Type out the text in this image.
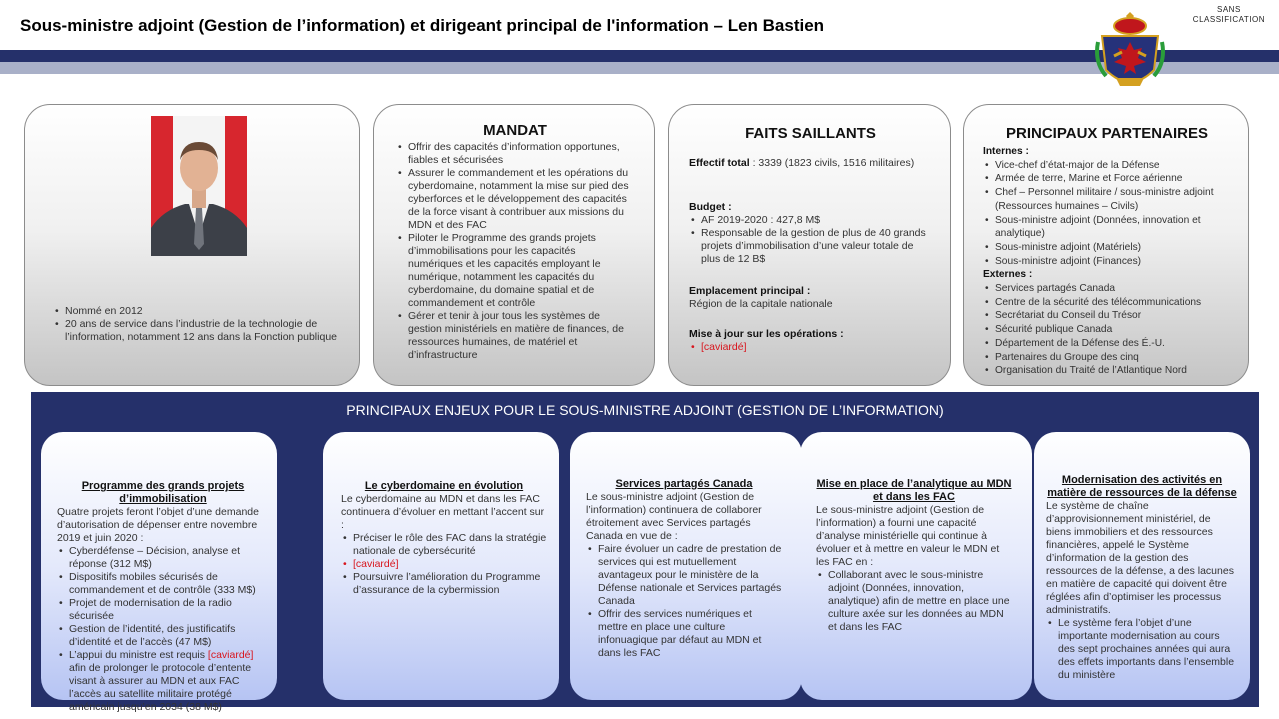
Sous-ministre adjoint (Gestion de l’information) et dirigeant principal de l'information – Len Bastien
SANS
CLASSIFICATION
• Nommé en 2012
• 20 ans de service dans l’industrie de la technologie de l’information, notamment 12 ans dans la Fonction publique
MANDAT
• Offrir des capacités d’information opportunes, fiables et sécurisées
• Assurer le commandement et les opérations du cyberdomaine, notamment la mise sur pied des cyberforces et le développement des capacités de la force visant à contribuer aux missions du MDN et des FAC
• Piloter le Programme des grands projets d’immobilisations pour les capacités numériques et les capacités employant le numérique, notamment les capacités du cyberdomaine, du domaine spatial et de commandement et contrôle
• Gérer et tenir à jour tous les systèmes de gestion ministériels en matière de finances, de ressources humaines, de matériel et d’infrastructure
FAITS SAILLANTS
Effectif total : 3339 (1823 civils, 1516 militaires)
Budget :
• AF 2019-2020 : 427,8 M$
• Responsable de la gestion de plus de 40 grands projets d’immobilisation d’une valeur totale de plus de 12 B$
Emplacement principal :
Région de la capitale nationale
Mise à jour sur les opérations :
• [caviardé]
PRINCIPAUX PARTENAIRES
Internes :
• Vice-chef d’état-major de la Défense
• Armée de terre, Marine et Force aérienne
• Chef – Personnel militaire / sous-ministre adjoint (Ressources humaines – Civils)
• Sous-ministre adjoint (Données, innovation et analytique)
• Sous-ministre adjoint (Matériels)
• Sous-ministre adjoint (Finances)
Externes :
• Services partagés Canada
• Centre de la sécurité des télécommunications
• Secrétariat du Conseil du Trésor
• Sécurité publique Canada
• Département de la Défense des É.-U.
• Partenaires du Groupe des cinq
• Organisation du Traité de l’Atlantique Nord
PRINCIPAUX ENJEUX POUR LE SOUS-MINISTRE ADJOINT (GESTION DE L’INFORMATION)
Programme des grands projets d’immobilisation
Quatre projets feront l’objet d’une demande d’autorisation de dépenser entre novembre 2019 et juin 2020 :
• Cyberdéfense – Décision, analyse et réponse (312 M$)
• Dispositifs mobiles sécurisés de commandement et de contrôle (333 M$)
• Projet de modernisation de la radio sécurisée
• Gestion de l’identité, des justificatifs d’identité et de l’accès (47 M$)
• L’appui du ministre est requis [caviardé] afin de prolonger le protocole d’entente visant à assurer au MDN et aux FAC l’accès au satellite militaire protégé américain jusqu’en 2034 (38 M$)
Le cyberdomaine en évolution
Le cyberdomaine au MDN et dans les FAC continuera d’évoluer en mettant l’accent sur :
• Préciser le rôle des FAC dans la stratégie nationale de cybersécurité
• [caviardé]
• Poursuivre l’amélioration du Programme d’assurance de la cybermission
Services partagés Canada
Le sous-ministre adjoint (Gestion de l’information) continuera de collaborer étroitement avec Services partagés Canada en vue de :
• Faire évoluer un cadre de prestation de services qui est mutuellement avantageux pour le ministère de la Défense nationale et Services partagés Canada
• Offrir des services numériques et mettre en place une culture infonuagique par défaut au MDN et dans les FAC
Mise en place de l’analytique au MDN et dans les FAC
Le sous-ministre adjoint (Gestion de l’information) a fourni une capacité d’analyse ministérielle qui continue à évoluer et à mettre en valeur le MDN et les FAC en :
• Collaborant avec le sous-ministre adjoint (Données, innovation, analytique) afin de mettre en place une culture axée sur les données au MDN et dans les FAC
Modernisation des activités en matière de ressources de la défense
Le système de chaîne d’approvisionnement ministériel, de biens immobiliers et des ressources financières, appelé le Système d’information de la gestion des ressources de la défense, a des lacunes en matière de capacité qui doivent être réglées afin d’optimiser les processus administratifs.
• Le système fera l’objet d’une importante modernisation au cours des sept prochaines années qui aura des effets importants dans l’ensemble du ministère
